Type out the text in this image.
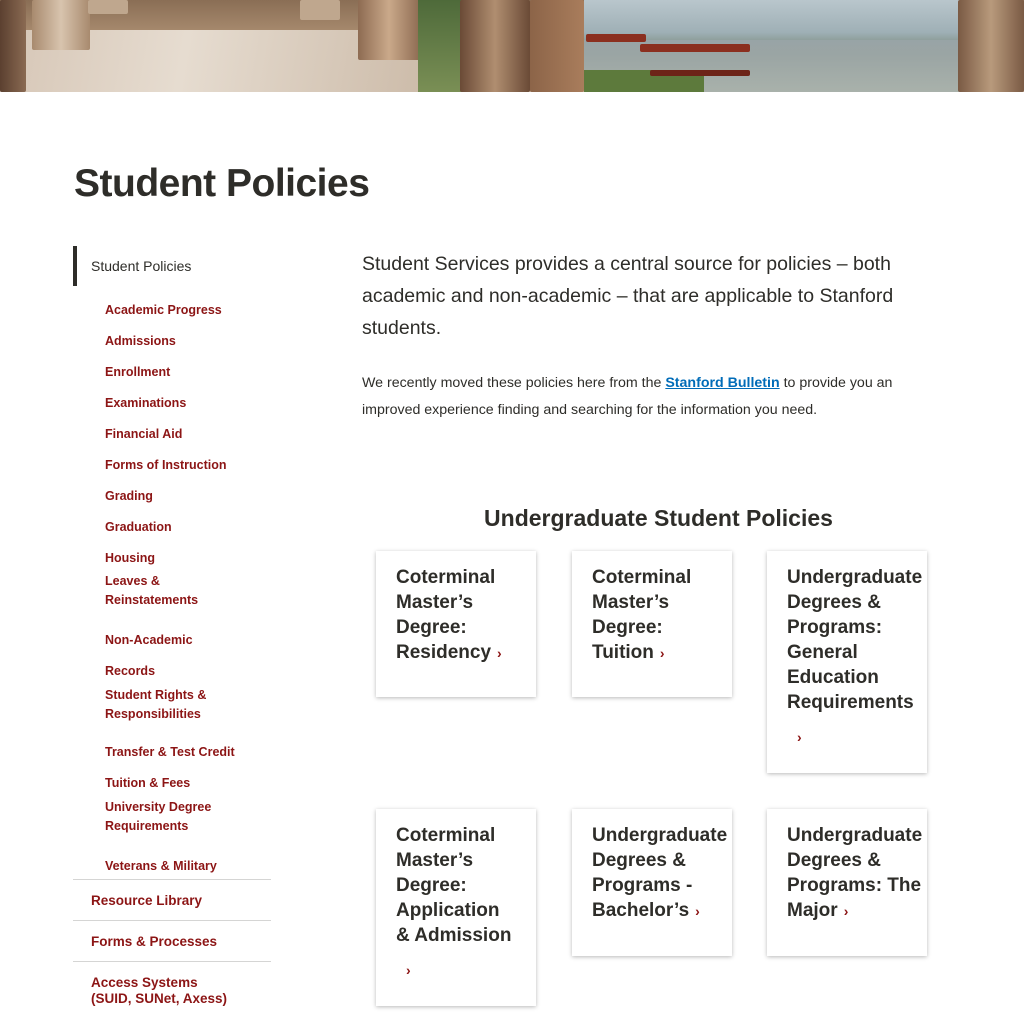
Student Policies
Student Policies
Academic Progress
Admissions
Enrollment
Examinations
Financial Aid
Forms of Instruction
Grading
Graduation
Housing
Leaves &
Reinstatements
Non-Academic
Records
Student Rights &
Responsibilities
Transfer & Test Credit
Tuition & Fees
University Degree
Requirements
Veterans & Military
Resource Library
Forms & Processes
Access Systems
(SUID, SUNet, Axess)

Student Services provides a central source for policies – both academic and non-academic – that are applicable to Stanford students.

We recently moved these policies here from the Stanford Bulletin to provide you an improved experience finding and searching for the information you need.

Undergraduate Student Policies
Coterminal
Master’s
Degree:
Residency ›
Coterminal
Master’s
Degree:
Tuition ›
Undergraduate
Degrees &
Programs:
General
Education
Requirements
›
Coterminal
Master’s
Degree:
Application
& Admission
›
Undergraduate
Degrees &
Programs -
Bachelor’s ›
Undergraduate
Degrees &
Programs: The
Major ›
